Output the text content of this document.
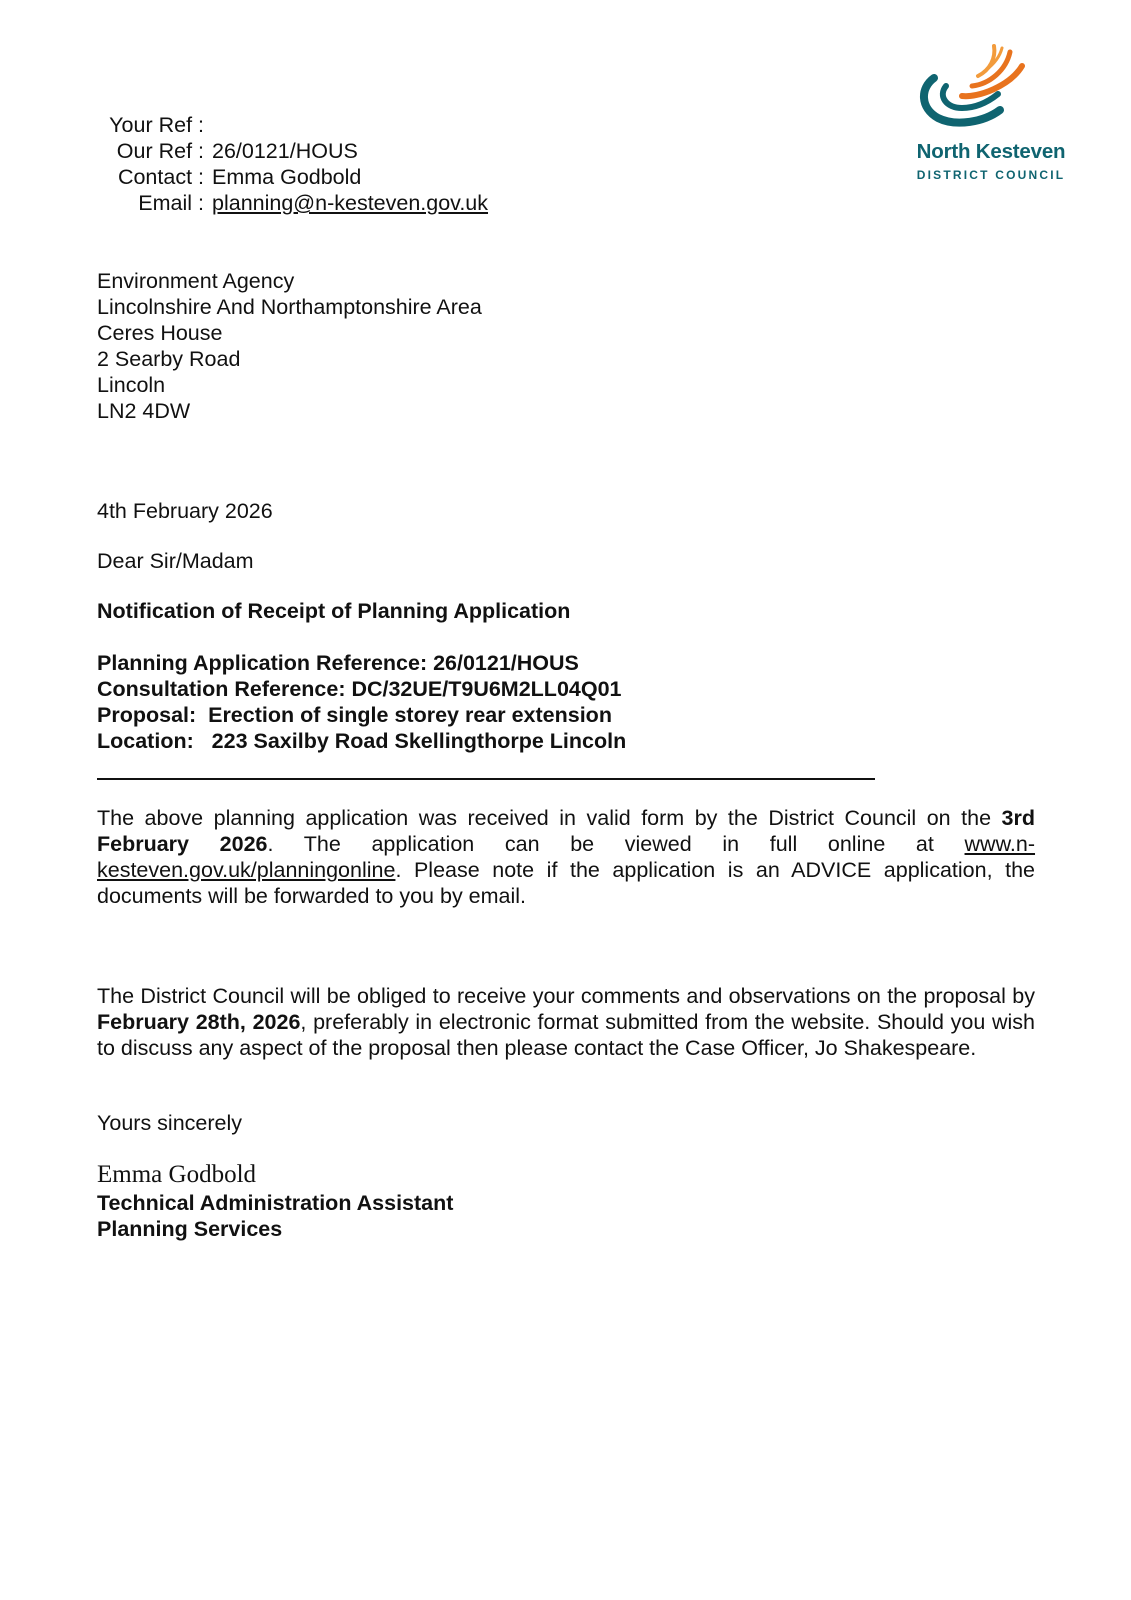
Your Ref :
Our Ref : 26/0121/HOUS
Contact : Emma Godbold
Email : planning@n-kesteven.gov.uk
North Kesteven
DISTRICT COUNCIL
Environment Agency
Lincolnshire And Northamptonshire Area
Ceres House
2 Searby Road
Lincoln
LN2 4DW
4th February 2026
Dear Sir/Madam
Notification of Receipt of Planning Application
Planning Application Reference: 26/0121/HOUS
Consultation Reference: DC/32UE/T9U6M2LL04Q01
Proposal:  Erection of single storey rear extension
Location:   223 Saxilby Road Skellingthorpe Lincoln
The above planning application was received in valid form by the District Council on the 3rd February 2026. The application can be viewed in full online at www.n-kesteven.gov.uk/planningonline. Please note if the application is an ADVICE application, the documents will be forwarded to you by email.
The District Council will be obliged to receive your comments and observations on the proposal by February 28th, 2026, preferably in electronic format submitted from the website. Should you wish to discuss any aspect of the proposal then please contact the Case Officer, Jo Shakespeare.
Yours sincerely
Emma Godbold
Technical Administration Assistant
Planning Services
